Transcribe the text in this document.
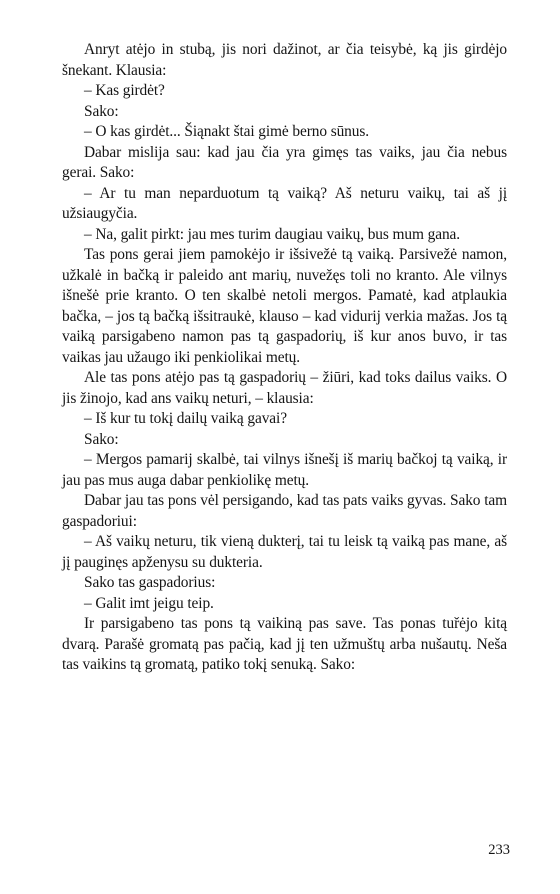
Anryt atėjo in stubą, jis nori dažinot, ar čia teisybė, ką jis girdėjo šnekant. Klausia:

– Kas girdėt?

Sako:

– O kas girdėt... Šiąnakt štai gimė berno sūnus.

Dabar mislija sau: kad jau čia yra gimęs tas vaiks, jau čia nebus gerai. Sako:

– Ar tu man neparduotum tą vaiką? Aš neturu vaikų, tai aš jį užsiaugyčia.

– Na, galit pirkt: jau mes turim daugiau vaikų, bus mum gana.

Tas pons gerai jiem pamokėjo ir išsivežė tą vaiką. Parsivežė namon, užkalė in bačką ir paleido ant marių, nuvežęs toli no kranto. Ale vilnys išnešė prie kranto. O ten skalbė netoli mergos. Pamatė, kad atplaukia bačka, – jos tą bačką išsitraukė, klauso – kad vidurij verkia mažas. Jos tą vaiką parsigabeno namon pas tą gaspadorių, iš kur anos buvo, ir tas vaikas jau užaugo iki penkiolikai metų.

Ale tas pons atėjo pas tą gaspadorių – žiūri, kad toks dailus vaiks. O jis žinojo, kad ans vaikų neturi, – klausia:

– Iš kur tu tokį dailų vaiką gavai?

Sako:

– Mergos pamarij skalbė, tai vilnys išnešį iš marių bačkoj tą vaiką, ir jau pas mus auga dabar penkiolikę metų.

Dabar jau tas pons vėl persigando, kad tas pats vaiks gyvas. Sako tam gaspadoriui:

– Aš vaikų neturu, tik vieną dukterį, tai tu leisk tą vaiką pas mane, aš jį pauginęs apženysu su dukteria.

Sako tas gaspadorius:

– Galit imt jeigu teip.

Ir parsigabeno tas pons tą vaikiną pas save. Tas ponas tuřėjo kitą dvarą. Parašė gromatą pas pačią, kad jį ten užmuštų arba nušautų. Neša tas vaikins tą gromatą, patiko tokį senuką. Sako:

233
